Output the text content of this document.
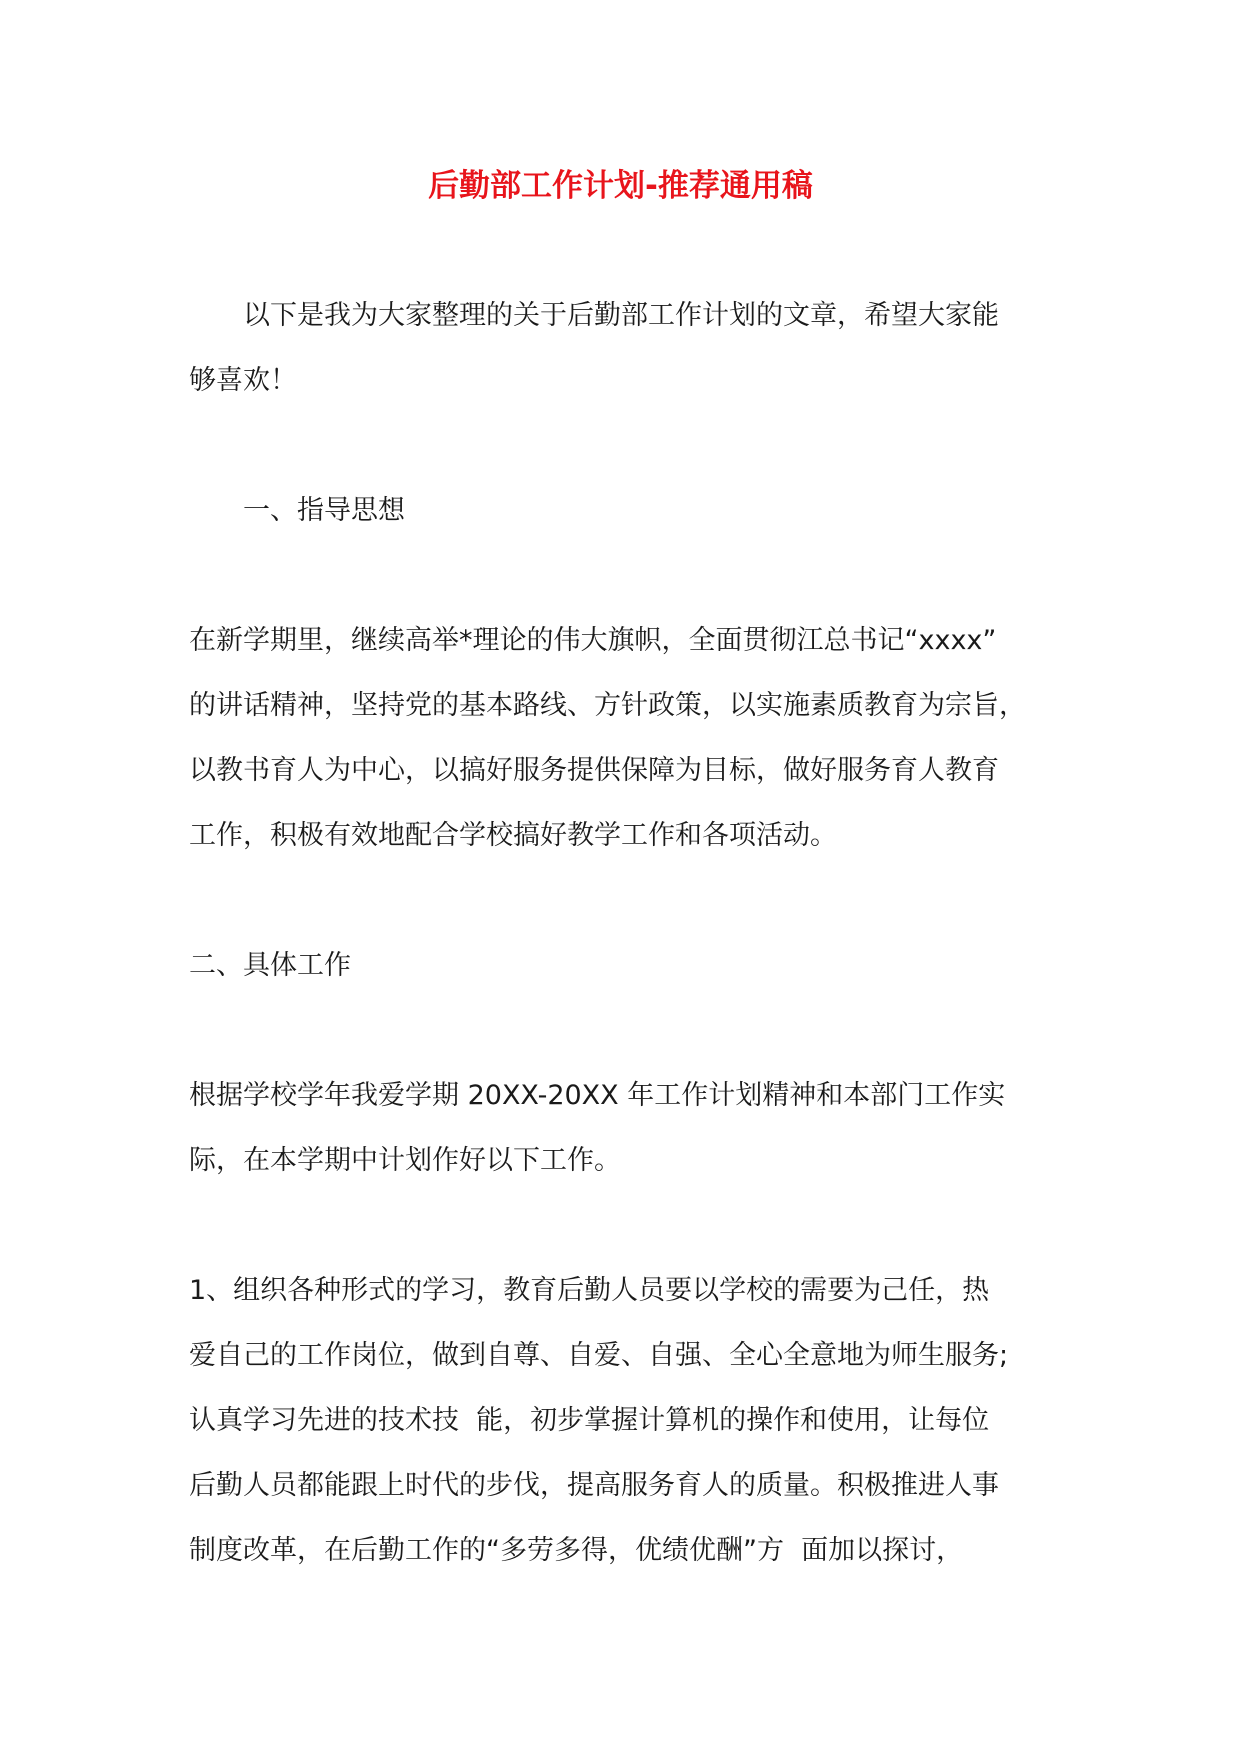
后勤部工作计划-推荐通用稿
　　以下是我为大家整理的关于后勤部工作计划的文章，希望大家能
够喜欢！
　　一、指导思想
在新学期里，继续高举*理论的伟大旗帜，全面贯彻江总书记“xxxx”
的讲话精神，坚持党的基本路线、方针政策，以实施素质教育为宗旨，
以教书育人为中心，以搞好服务提供保障为目标，做好服务育人教育
工作，积极有效地配合学校搞好教学工作和各项活动。
二、具体工作
根据学校学年我爱学期 20XX-20XX 年工作计划精神和本部门工作实
际，在本学期中计划作好以下工作。
1、组织各种形式的学习，教育后勤人员要以学校的需要为己任，热
爱自己的工作岗位，做到自尊、自爱、自强、全心全意地为师生服务;
认真学习先进的技术技  能，初步掌握计算机的操作和使用，让每位
后勤人员都能跟上时代的步伐，提高服务育人的质量。积极推进人事
制度改革，在后勤工作的“多劳多得，优绩优酬”方  面加以探讨，
